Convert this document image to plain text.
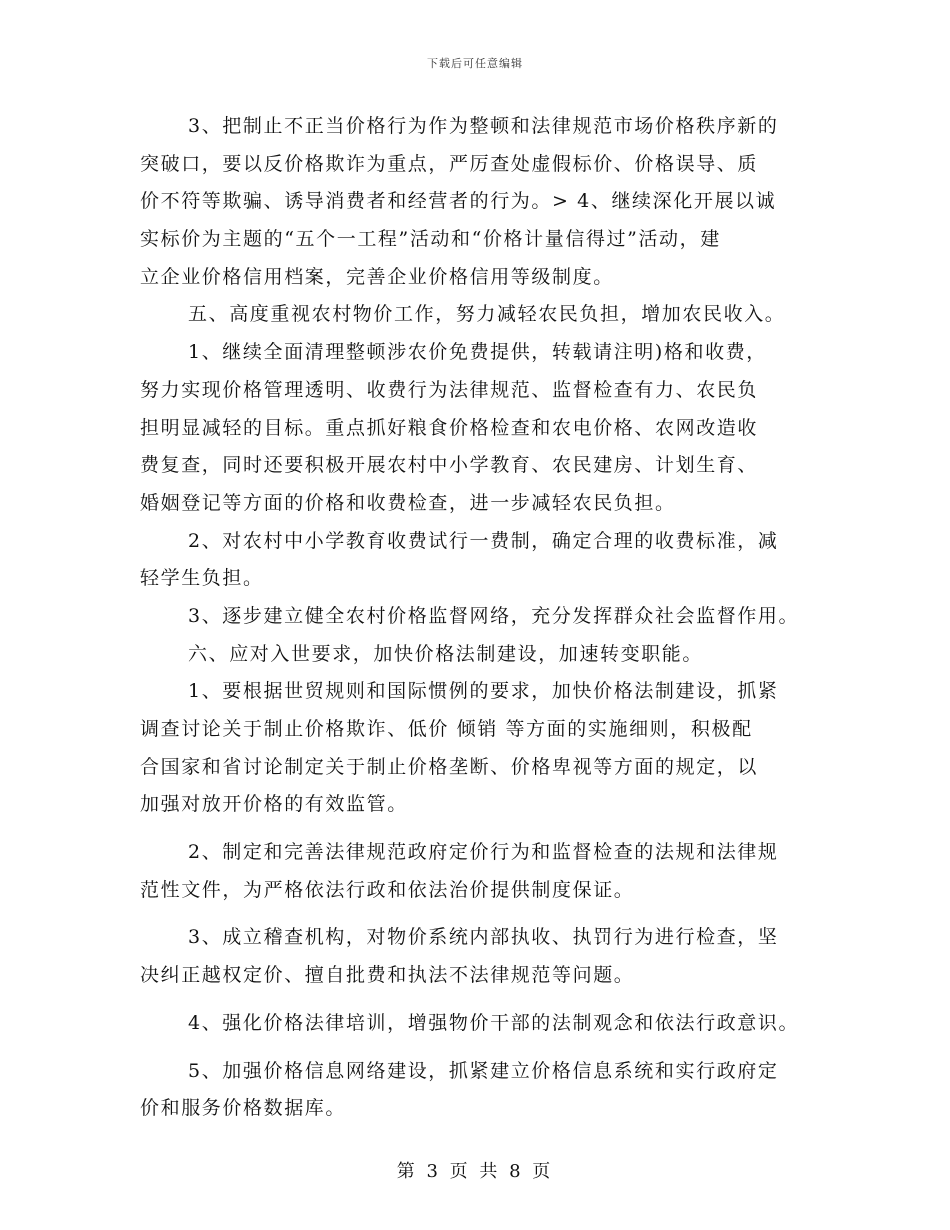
下载后可任意编辑
3、把制止不正当价格行为作为整顿和法律规范市场价格秩序新的
突破口，要以反价格欺诈为重点，严厉查处虚假标价、价格误导、质
价不符等欺骗、诱导消费者和经营者的行为。> 4、继续深化开展以诚
实标价为主题的“五个一工程”活动和“价格计量信得过”活动，建
立企业价格信用档案，完善企业价格信用等级制度。
五、高度重视农村物价工作，努力减轻农民负担，增加农民收入。
1、继续全面清理整顿涉农价免费提供，转载请注明)格和收费，
努力实现价格管理透明、收费行为法律规范、监督检查有力、农民负
担明显减轻的目标。重点抓好粮食价格检查和农电价格、农网改造收
费复查，同时还要积极开展农村中小学教育、农民建房、计划生育、
婚姻登记等方面的价格和收费检查，进一步减轻农民负担。
2、对农村中小学教育收费试行一费制，确定合理的收费标准，减
轻学生负担。
3、逐步建立健全农村价格监督网络，充分发挥群众社会监督作用。
六、应对入世要求，加快价格法制建设，加速转变职能。
1、要根据世贸规则和国际惯例的要求，加快价格法制建设，抓紧
调查讨论关于制止价格欺诈、低价 倾销 等方面的实施细则，积极配
合国家和省讨论制定关于制止价格垄断、价格卑视等方面的规定，以
加强对放开价格的有效监管。
2、制定和完善法律规范政府定价行为和监督检查的法规和法律规
范性文件，为严格依法行政和依法治价提供制度保证。
3、成立稽查机构，对物价系统内部执收、执罚行为进行检查，坚
决纠正越权定价、擅自批费和执法不法律规范等问题。
4、强化价格法律培训，增强物价干部的法制观念和依法行政意识。
5、加强价格信息网络建设，抓紧建立价格信息系统和实行政府定
价和服务价格数据库。
第 3 页 共 8 页
